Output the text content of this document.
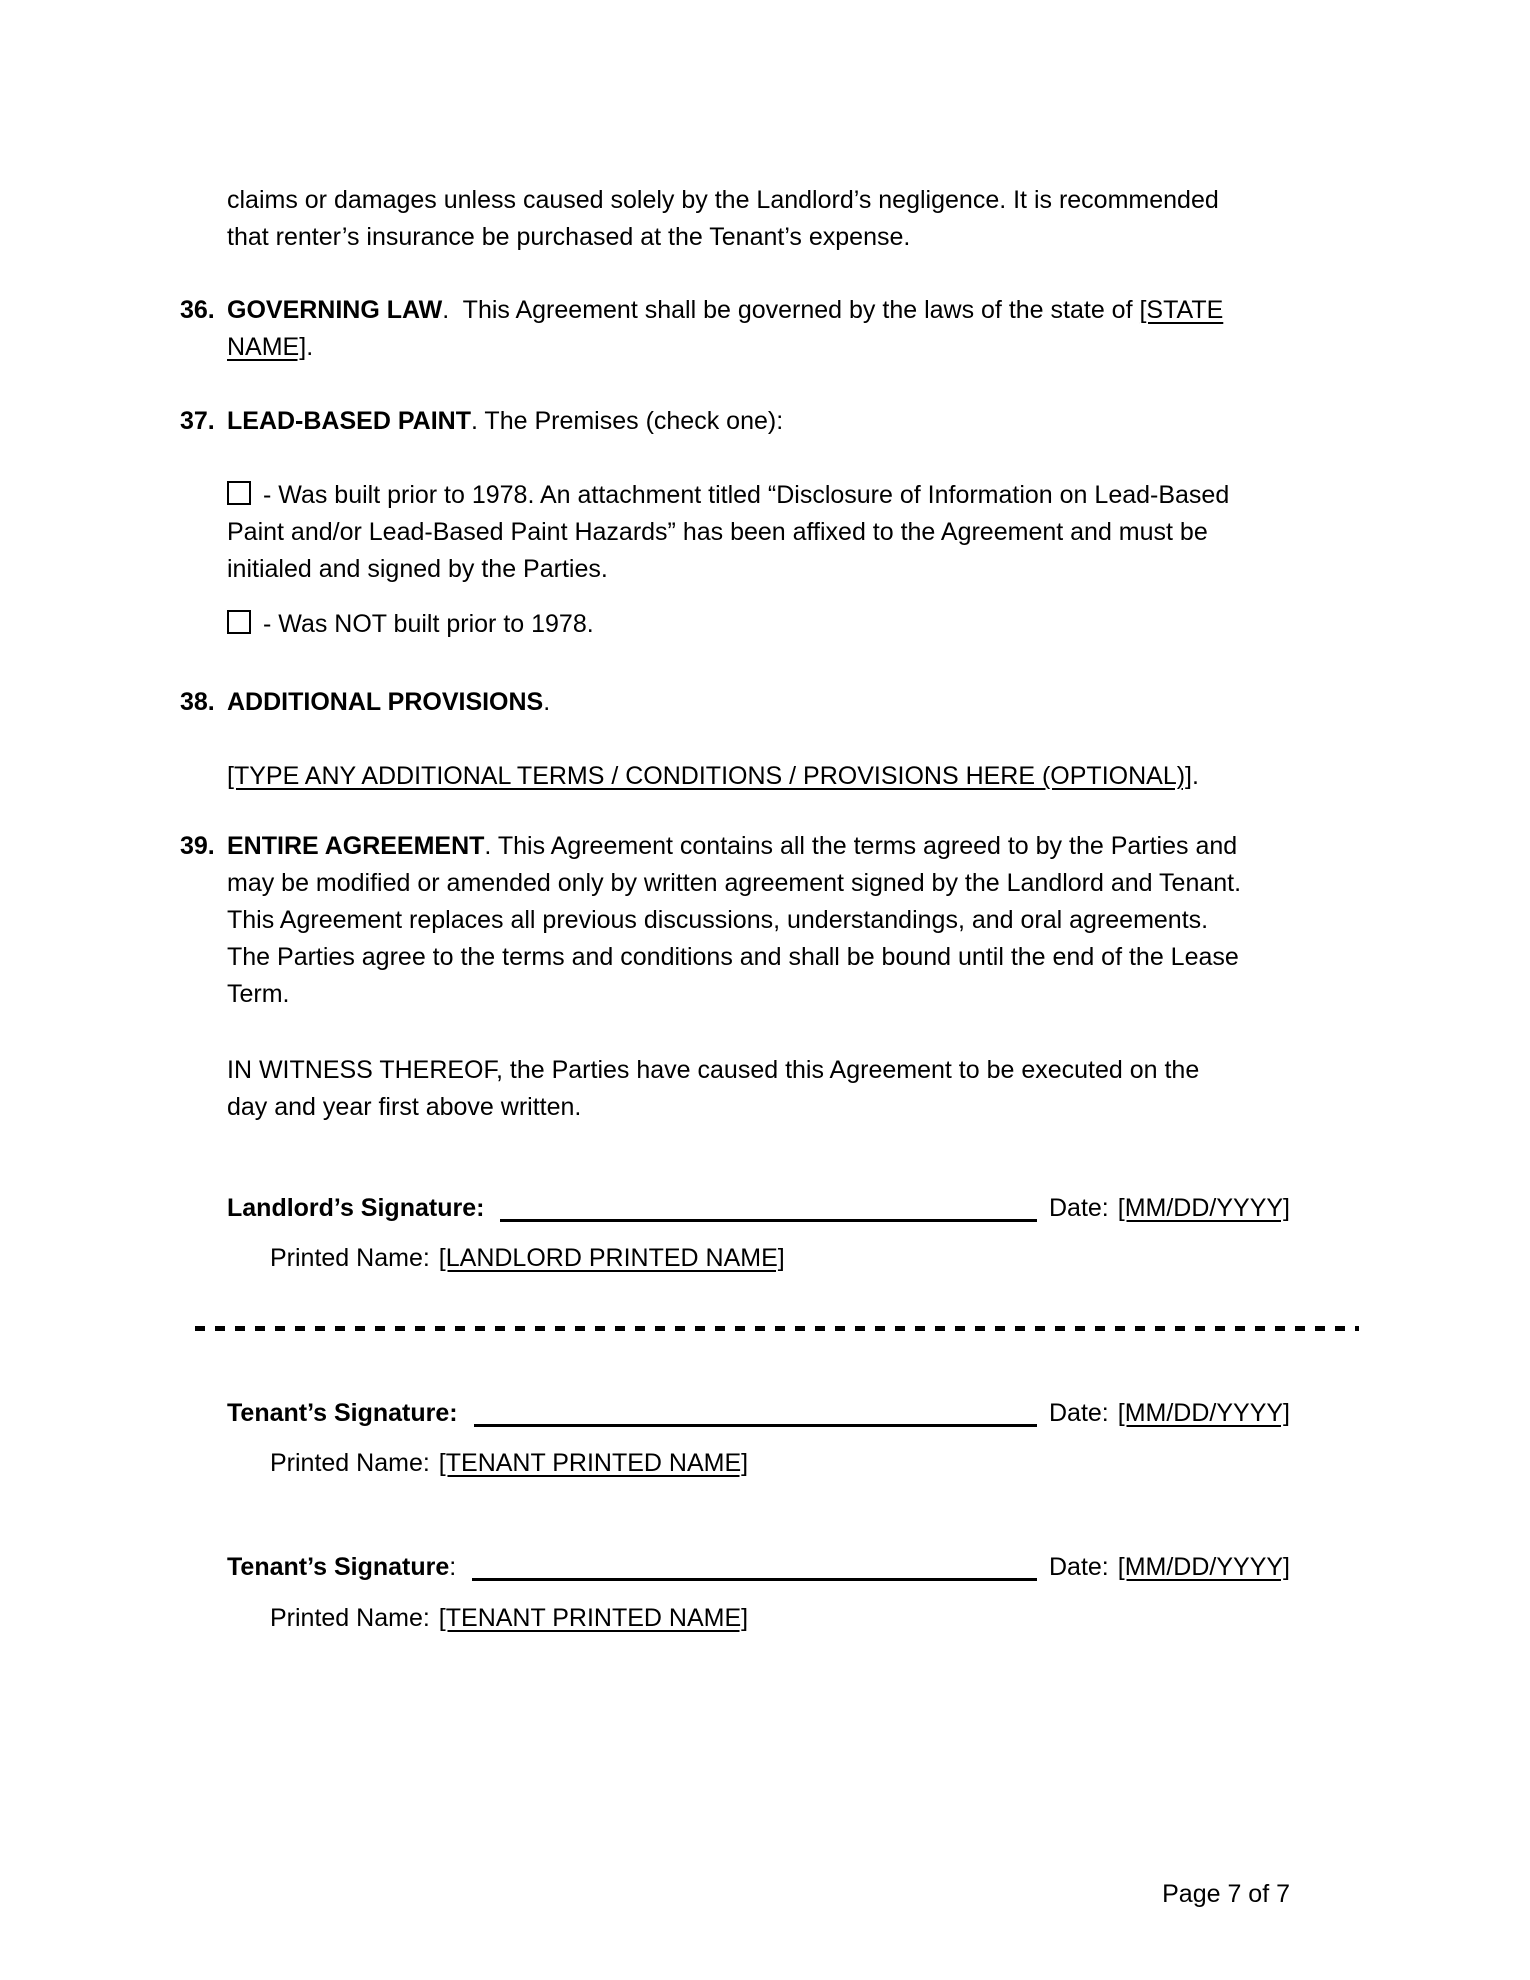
claims or damages unless caused solely by the Landlord’s negligence. It is recommended
that renter’s insurance be purchased at the Tenant’s expense.
36. GOVERNING LAW.  This Agreement shall be governed by the laws of the state of [STATE
NAME].
37. LEAD-BASED PAINT. The Premises (check one):
- Was built prior to 1978. An attachment titled “Disclosure of Information on Lead-Based
Paint and/or Lead-Based Paint Hazards” has been affixed to the Agreement and must be
initialed and signed by the Parties.
- Was NOT built prior to 1978.
38. ADDITIONAL PROVISIONS.
[TYPE ANY ADDITIONAL TERMS / CONDITIONS / PROVISIONS HERE (OPTIONAL)].
39. ENTIRE AGREEMENT. This Agreement contains all the terms agreed to by the Parties and
may be modified or amended only by written agreement signed by the Landlord and Tenant.
This Agreement replaces all previous discussions, understandings, and oral agreements.
The Parties agree to the terms and conditions and shall be bound until the end of the Lease
Term.
IN WITNESS THEREOF, the Parties have caused this Agreement to be executed on the
day and year first above written.
Landlord’s Signature:	Date: [MM/DD/YYYY]
Printed Name: [LANDLORD PRINTED NAME]
Tenant’s Signature:	Date: [MM/DD/YYYY]
Printed Name: [TENANT PRINTED NAME]
Tenant’s Signature :	Date: [MM/DD/YYYY]
Printed Name: [TENANT PRINTED NAME]
Page 7 of 7
